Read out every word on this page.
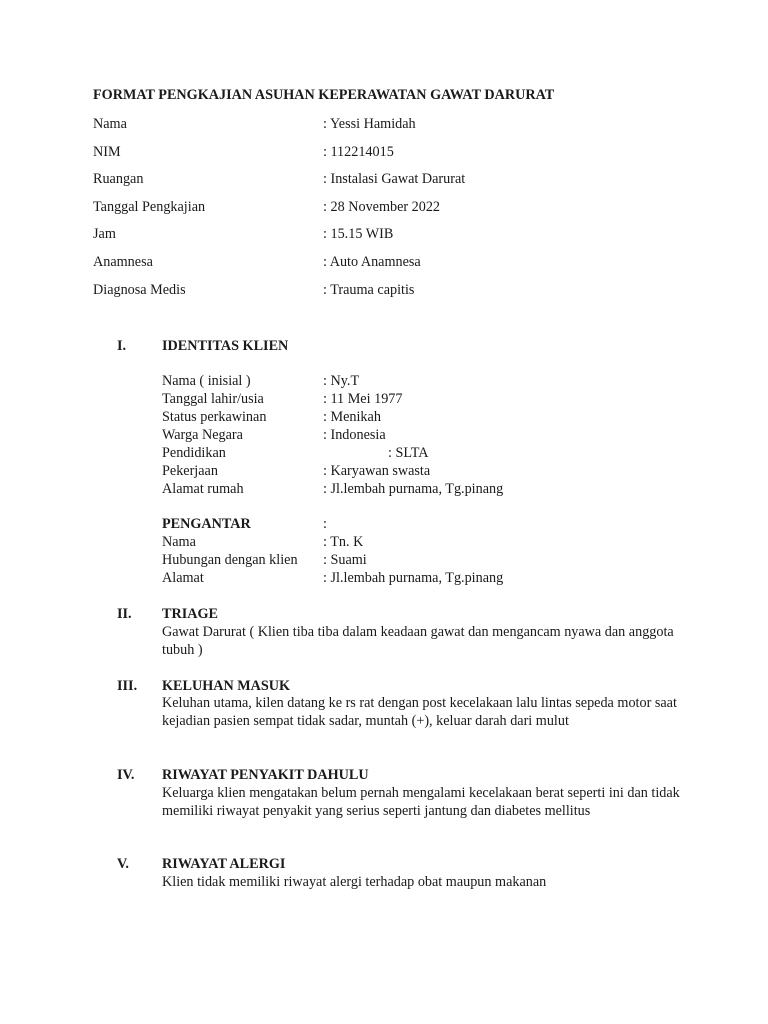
FORMAT PENGKAJIAN ASUHAN KEPERAWATAN GAWAT DARURAT
Nama	: Yessi Hamidah
NIM	: 112214015
Ruangan	: Instalasi Gawat Darurat
Tanggal Pengkajian	: 28 November 2022
Jam	: 15.15 WIB
Anamnesa	: Auto Anamnesa
Diagnosa Medis	: Trauma capitis
I.	IDENTITAS KLIEN
Nama ( inisial )	: Ny.T
Tanggal lahir/usia	: 11 Mei 1977
Status perkawinan	: Menikah
Warga Negara	: Indonesia
Pendidikan	: SLTA
Pekerjaan	: Karyawan swasta
Alamat rumah	: Jl.lembah purnama, Tg.pinang
PENGANTAR	:
Nama	: Tn. K
Hubungan dengan klien : Suami
Alamat	: Jl.lembah purnama, Tg.pinang
II. TRIAGE
Gawat Darurat ( Klien tiba tiba dalam keadaan gawat dan mengancam nyawa dan anggota tubuh )
III. KELUHAN MASUK
Keluhan utama, kilen datang ke rs rat dengan post kecelakaan lalu lintas sepeda motor saat kejadian pasien sempat tidak sadar, muntah (+), keluar darah dari mulut
IV. RIWAYAT PENYAKIT DAHULU
Keluarga klien mengatakan belum pernah mengalami kecelakaan berat seperti ini dan tidak memiliki riwayat penyakit yang serius seperti jantung dan diabetes mellitus
V. RIWAYAT ALERGI
Klien tidak memiliki riwayat alergi terhadap obat maupun makanan
